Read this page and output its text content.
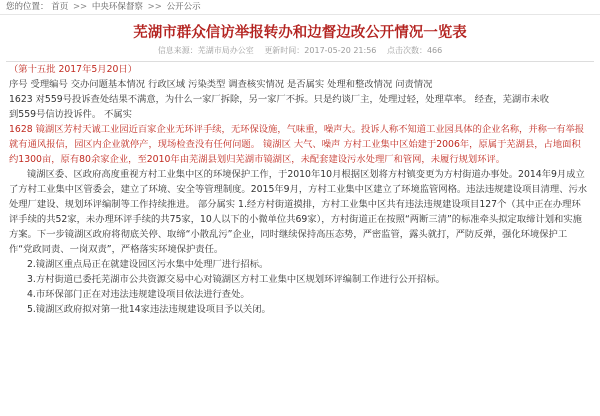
您的位置： 首页 >> 中央环保督察 >> 公开公示
芜湖市群众信访举报转办和边督边改公开情况一览表
信息来源：芜湖市局办公室 更新时间：2017-05-20 21:56 点击次数：466

（第十五批 2017年5月20日）

序号 受理编号 交办问题基本情况 行政区域 污染类型 调查核实情况 是否属实 处理和整改情况 问责情况

1623 对559号投诉查处结果不满意，为什么一家厂拆除，另一家厂不拆。只是约谈厂主，处理过轻，处理草率。 经查，芜湖市未收

到559号信访投诉件。 不属实

1628 镜湖区芳村天诚工业园近百家企业无环评手续，无环保设施，气味重，噪声大。投诉人称不知道工业园具体的企业名称，并称一有举报就有通风报信，园区内企业就停产，现场检查没有任何问题。 镜湖区 大气、噪声 方村工业集中区始建于2006年，原属于芜湖县，占地面积约1300亩，原有80余家企业，至2010年由芜湖县划归芜湖市镜湖区，未配套建设污水处理厂和管网，未履行规划环评。

镜湖区委、区政府高度重视方村工业集中区的环境保护工作，于2010年10月根据区划将方村镇变更为方村街道办事处。2014年9月成立了方村工业集中区管委会，建立了环境、安全等管理制度。2015年9月，方村工业集中区建立了环境监管网格。违法违规建设项目清理、污水处理厂建设、规划环评编制等工作持续推进。 部分属实 1.经方村街道摸排，方村工业集中区共有违法违规建设项目127个（其中正在办理环评手续的共52家，未办理环评手续的共75家，10人以下的小微单位共69家），方村街道正在按照“两断三清”的标准牵头拟定取缔计划和实施方案。下一步镜湖区政府将彻底关停、取缔“小散乱污”企业，同时继续保持高压态势，严密监管，露头就打，严防反弹，强化环境保护工作“党政同责、一岗双责”，严格落实环境保护责任。

2.镜湖区重点局正在就建设园区污水集中处理厂进行招标。

3.方村街道已委托芜湖市公共资源交易中心对镜湖区方村工业集中区规划环评编制工作进行公开招标。

4.市环保部门正在对违法违规建设项目依法进行查处。

5.镜湖区政府拟对第一批14家违法违规建设项目予以关闭。
